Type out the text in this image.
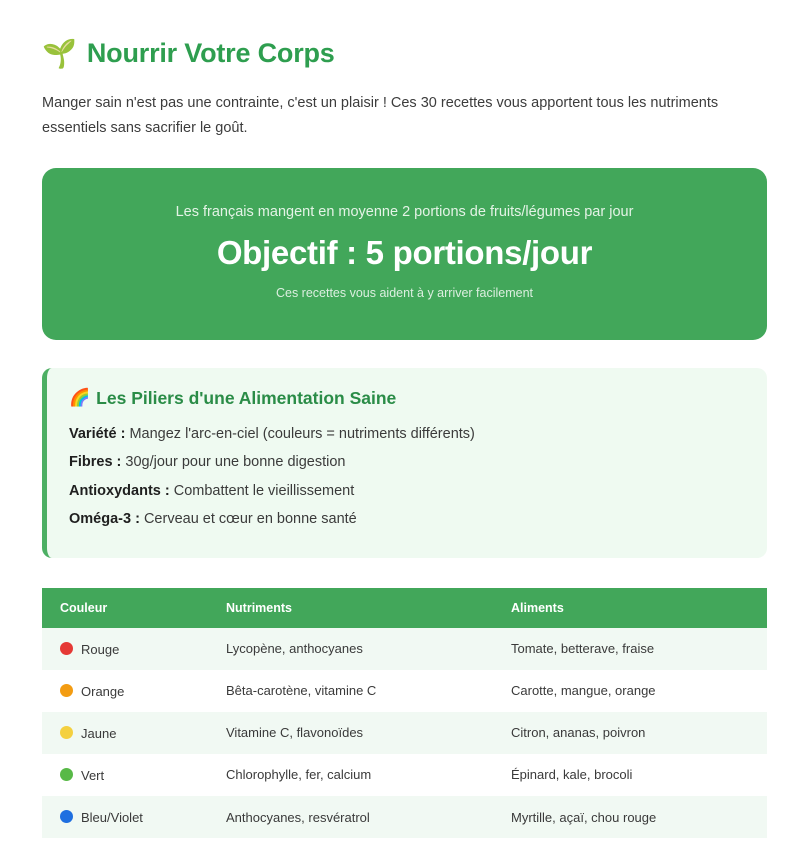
🌱 Nourrir Votre Corps

Manger sain n'est pas une contrainte, c'est un plaisir ! Ces 30 recettes vous apportent tous les nutriments essentiels sans sacrifier le goût.

Les français mangent en moyenne 2 portions de fruits/légumes par jour
Objectif : 5 portions/jour
Ces recettes vous aident à y arriver facilement
🌈 Les Piliers d'une Alimentation Saine

Variété : Mangez l'arc-en-ciel (couleurs = nutriments différents)

Fibres : 30g/jour pour une bonne digestion

Antioxydants : Combattent le vieillissement

Oméga-3 : Cerveau et cœur en bonne santé

Couleur	Nutriments	Aliments
Rouge	Lycopène, anthocyanes	Tomate, betterave, fraise
Orange	Bêta-carotène, vitamine C	Carotte, mangue, orange
Jaune	Vitamine C, flavonoïdes	Citron, ananas, poivron
Vert	Chlorophylle, fer, calcium	Épinard, kale, brocoli
Bleu/Violet	Anthocyanes, resvératrol	Myrtille, açaï, chou rouge
